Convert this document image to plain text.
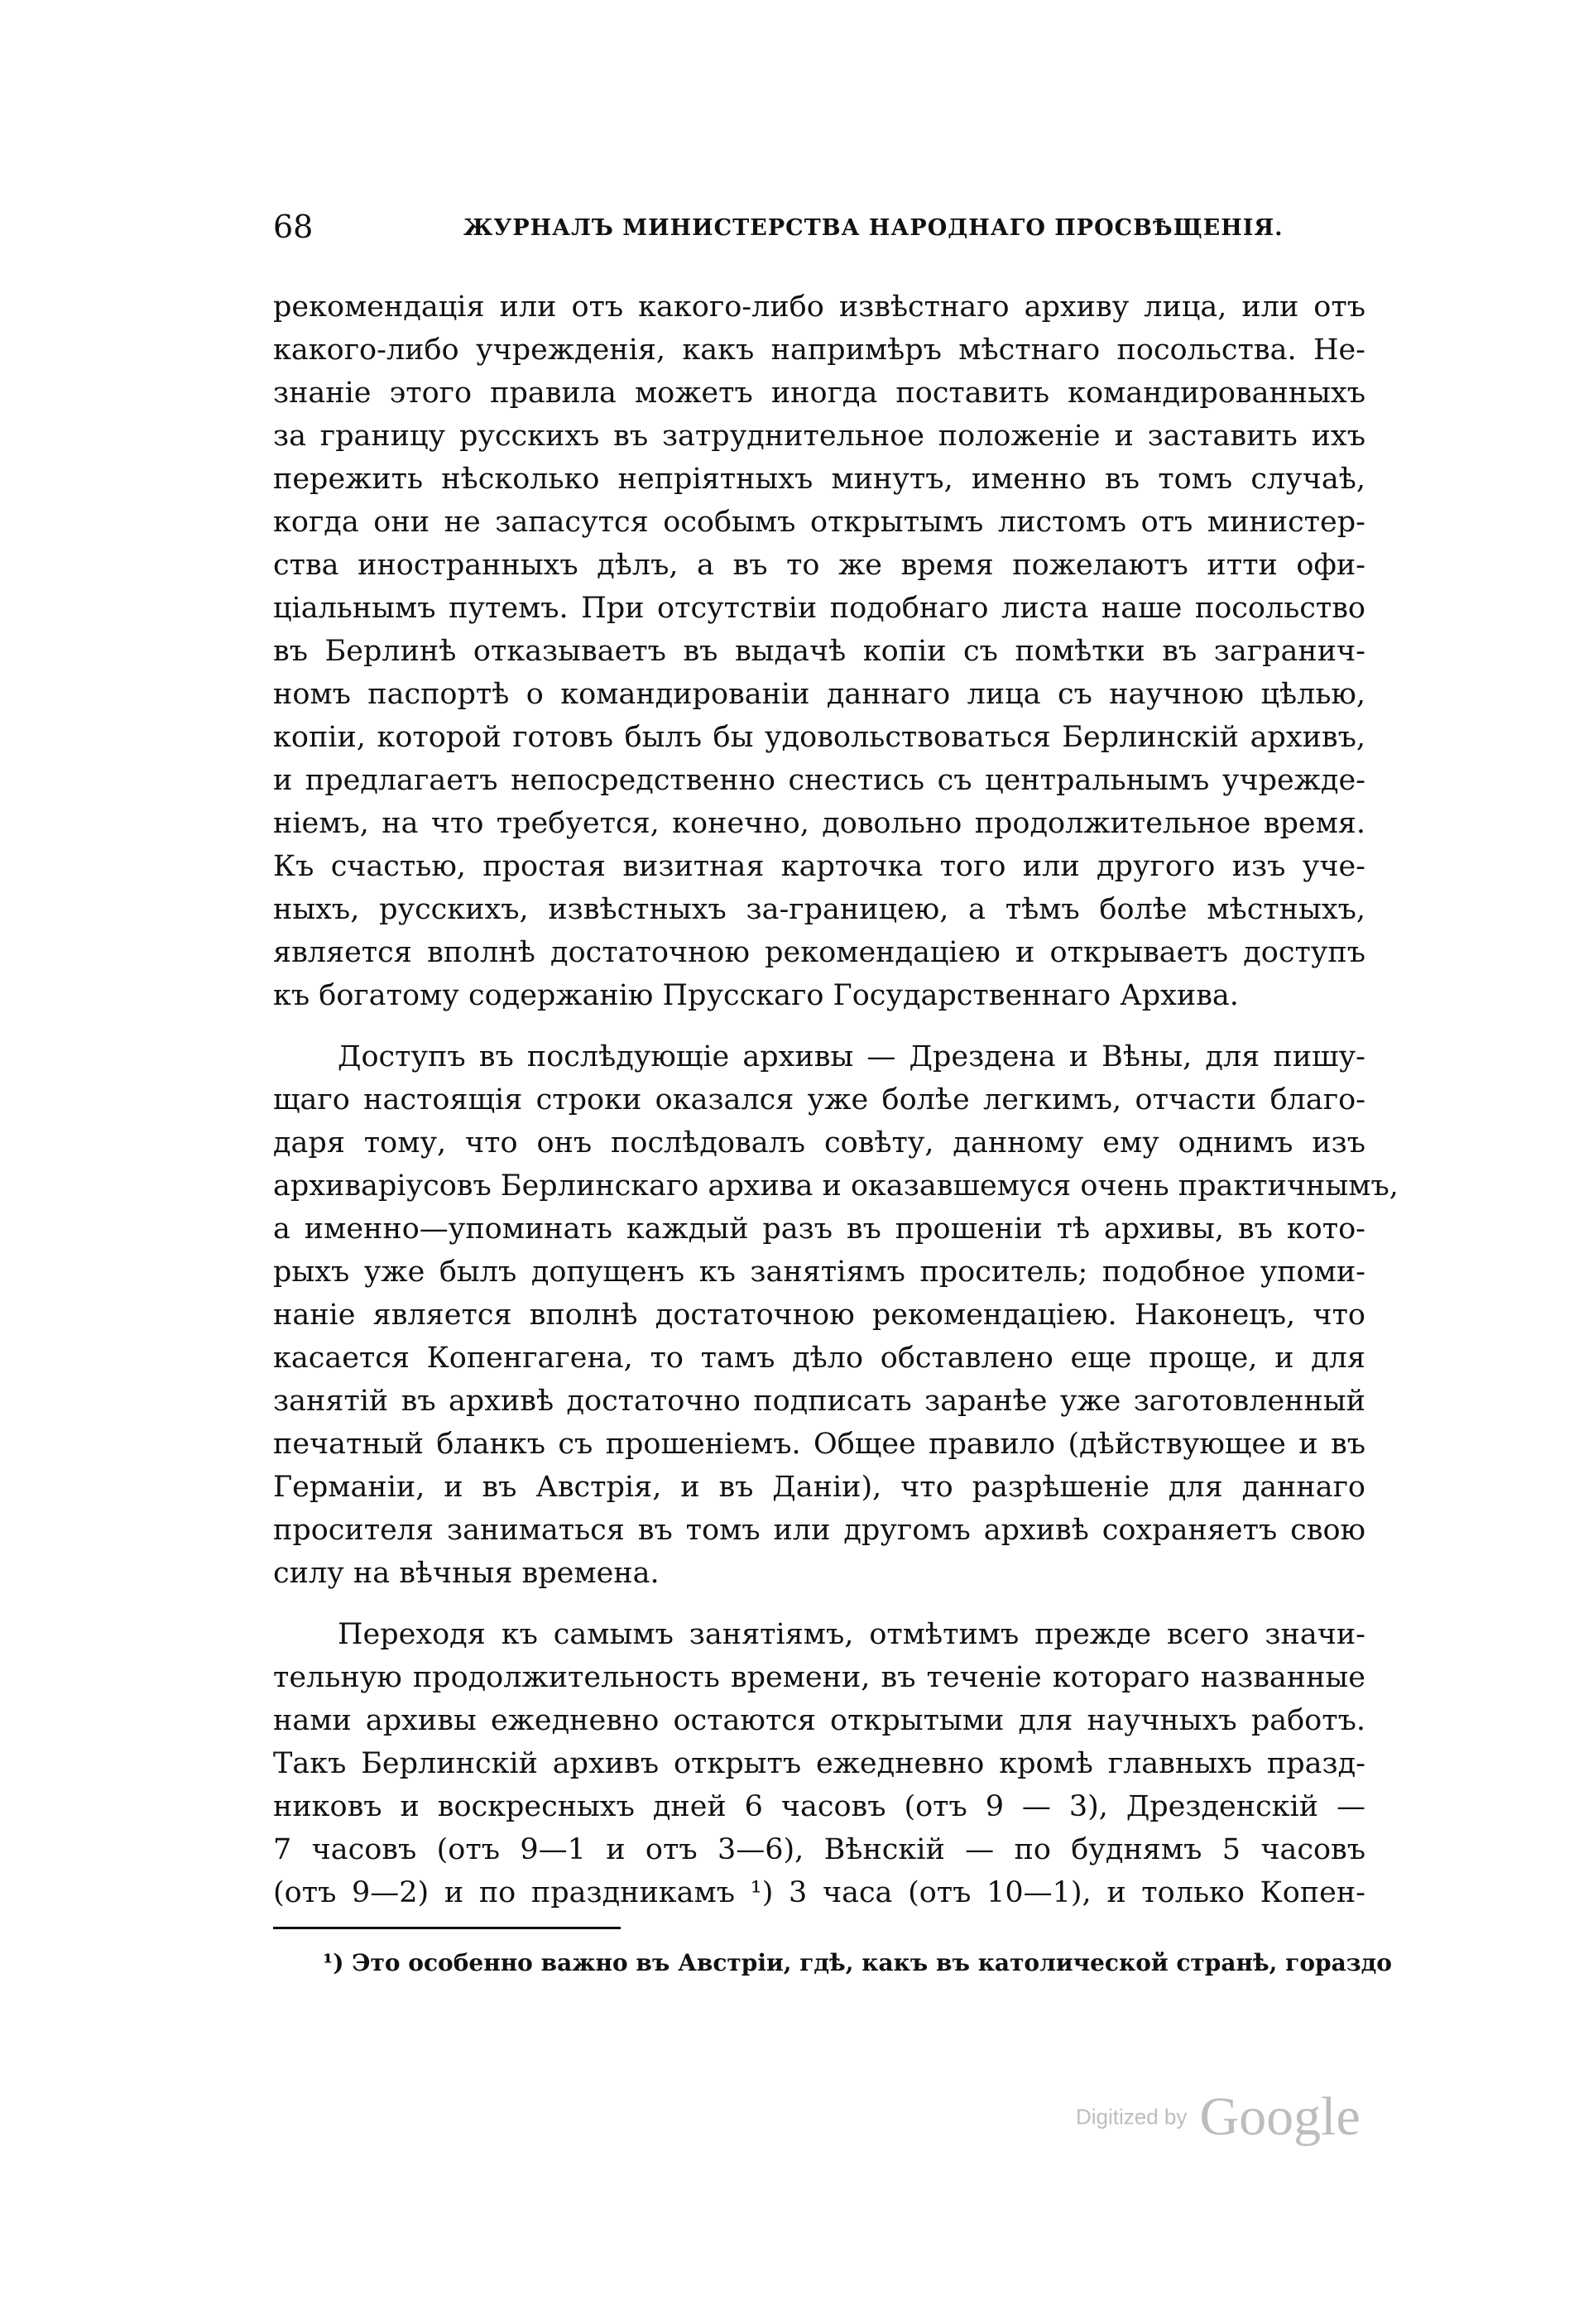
68	ЖУРНАЛЪ МИНИСТЕРСТВА НАРОДНАГО ПРОСВѢЩЕНІЯ.
рекомендація или отъ какого-либо извѣстнаго архиву лица, или отъ
какого-либо учрежденія, какъ напримѣръ мѣстнаго посольства. Не-
знаніе этого правила можетъ иногда поставить командированныхъ
за границу русскихъ въ затруднительное положеніе и заставить ихъ
пережить нѣсколько непріятныхъ минутъ, именно въ томъ случаѣ,
когда они не запасутся особымъ открытымъ листомъ отъ министер-
ства иностранныхъ дѣлъ, а въ то же время пожелаютъ итти офи-
ціальнымъ путемъ. При отсутствіи подобнаго листа наше посольство
въ Берлинѣ отказываетъ въ выдачѣ копіи съ помѣтки въ загранич-
номъ паспортѣ о командированіи даннаго лица съ научною цѣлью,
копіи, которой готовъ былъ бы удовольствоваться Берлинскій архивъ,
и предлагаетъ непосредственно снестись съ центральнымъ учрежде-
ніемъ, на что требуется, конечно, довольно продолжительное время.
Къ счастью, простая визитная карточка того или другого изъ уче-
ныхъ, русскихъ, извѣстныхъ за-границею, а тѣмъ болѣе мѣстныхъ,
является вполнѣ достаточною рекомендаціею и открываетъ доступъ
къ богатому содержанію Прусскаго Государственнаго Архива.
Доступъ въ послѣдующіе архивы — Дрездена и Вѣны, для пишу-
щаго настоящія строки оказался уже болѣе легкимъ, отчасти благо-
даря тому, что онъ послѣдовалъ совѣту, данному ему однимъ изъ
архиваріусовъ Берлинскаго архива и оказавшемуся очень практичнымъ,
а именно—упоминать каждый разъ въ прошеніи тѣ архивы, въ кото-
рыхъ уже былъ допущенъ къ занятіямъ проситель; подобное упоми-
наніе является вполнѣ достаточною рекомендаціею. Наконецъ, что
касается Копенгагена, то тамъ дѣло обставлено еще проще, и для
занятій въ архивѣ достаточно подписать заранѣе уже заготовленный
печатный бланкъ съ прошеніемъ. Общее правило (дѣйствующее и въ
Германіи, и въ Австрія, и въ Даніи), что разрѣшеніе для даннаго
просителя заниматься въ томъ или другомъ архивѣ сохраняетъ свою
силу на вѣчныя времена.
Переходя къ самымъ занятіямъ, отмѣтимъ прежде всего значи-
тельную продолжительность времени, въ теченіе котораго названные
нами архивы ежедневно остаются открытыми для научныхъ работъ.
Такъ Берлинскій архивъ открытъ ежедневно кромѣ главныхъ празд-
никовъ и воскресныхъ дней 6 часовъ (отъ 9 — 3), Дрезденскій —
7 часовъ (отъ 9—1 и отъ 3—6), Вѣнскій — по буднямъ 5 часовъ
(отъ 9—2) и по праздникамъ ¹) 3 часа (отъ 10—1), и только Копен-
¹) Это особенно важно въ Австріи, гдѣ, какъ въ католической странѣ, гораздо
Digitized by Google
